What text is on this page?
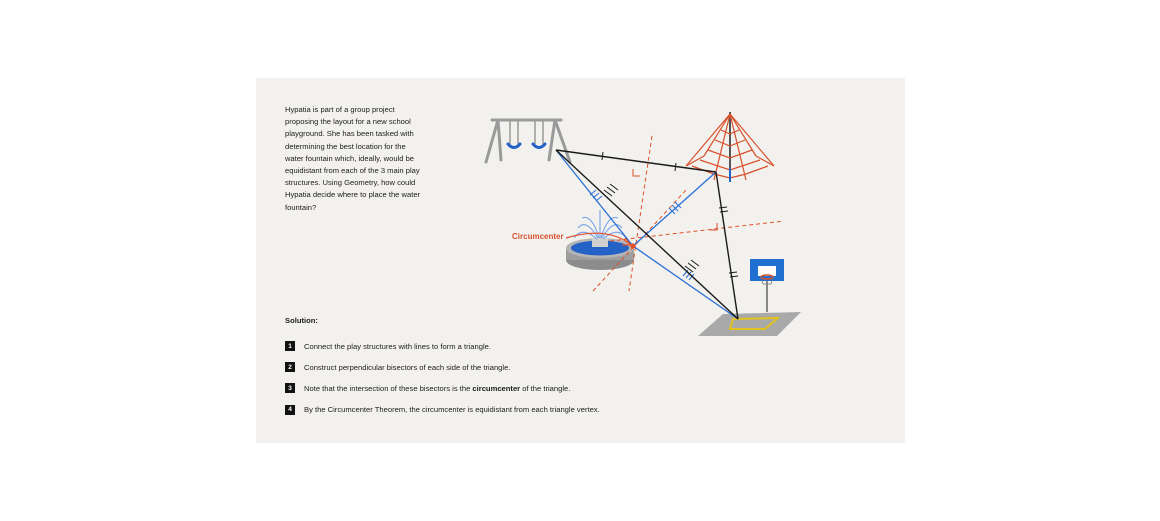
Hypatia is part of a group project proposing the layout for a new school playground. She has been tasked with determining the best location for the water fountain which, ideally, would be equidistant from each of the 3 main play structures. Using Geometry, how could Hypatia decide where to place the water fountain?
Solution:
1	Connect the play structures with lines to form a triangle.
2	Construct perpendicular bisectors of each side of the triangle.
3	Note that the intersection of these bisectors is the circumcenter of the triangle.
4	By the Circumcenter Theorem, the circumcenter is equidistant from each triangle vertex.
Circumcenter
